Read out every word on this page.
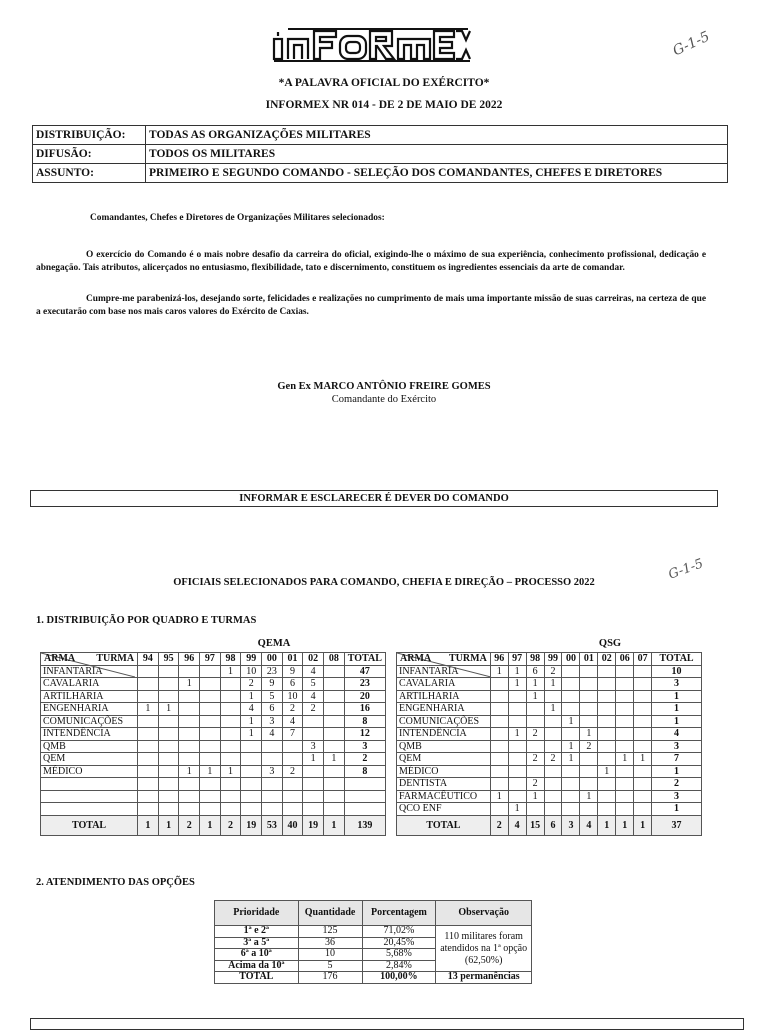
G-1-5
*A PALAVRA OFICIAL DO EXÉRCITO*
INFORMEX NR 014 - DE 2 DE MAIO DE 2022
DISTRIBUIÇÃO:	TODAS AS ORGANIZAÇÕES MILITARES
DIFUSÃO:	TODOS OS MILITARES
ASSUNTO:	PRIMEIRO E SEGUNDO COMANDO - SELEÇÃO DOS COMANDANTES, CHEFES E DIRETORES
Comandantes, Chefes e Diretores de Organizações Militares selecionados:
O exercício do Comando é o mais nobre desafio da carreira do oficial, exigindo-lhe o máximo de sua experiência, conhecimento profissional, dedicação e abnegação. Tais atributos, alicerçados no entusiasmo, flexibilidade, tato e discernimento, constituem os ingredientes essenciais da arte de comandar.
Cumpre-me parabenizá-los, desejando sorte, felicidades e realizações no cumprimento de mais uma importante missão de suas carreiras, na certeza de que a executarão com base nos mais caros valores do Exército de Caxias.
Gen Ex MARCO ANTÔNIO FREIRE GOMES
Comandante do Exército
INFORMAR E ESCLARECER É DEVER DO COMANDO
OFICIAIS SELECIONADOS PARA COMANDO, CHEFIA E DIREÇÃO – PROCESSO 2022	G-1-5
1. DISTRIBUIÇÃO POR QUADRO E TURMAS
QEMA	QSG
TURMA
ARMA	94	95	96	97	98	99	00	01	02	08	TOTAL
INFANTARIA					1	10	23	9	4		47
CAVALARIA			1			2	9	6	5		23
ARTILHARIA						1	5	10	4		20
ENGENHARIA	1	1				4	6	2	2		16
COMUNICAÇÕES						1	3	4			8
INTENDÊNCIA						1	4	7			12
QMB									3		3
QEM									1	1	2
MÉDICO			1	1	1		3	2			8

TOTAL	1	1	2	1	2	19	53	40	19	1	139
TURMA
ARMA	96	97	98	99	00	01	02	06	07	TOTAL
INFANTARIA	1	1	6	2						10
CAVALARIA		1	1	1						3
ARTILHARIA			1							1
ENGENHARIA				1						1
COMUNICAÇÕES					1					1
INTENDÊNCIA		1	2			1				4
QMB					1	2				3
QEM			2	2	1			1	1	7
MÉDICO							1			1
DENTISTA			2							2
FARMACÊUTICO	1		1			1				3
QCO ENF		1								1
TOTAL	2	4	15	6	3	4	1	1	1	37
2. ATENDIMENTO DAS OPÇÕES
Prioridade	Quantidade	Porcentagem	Observação
1ª e 2ª	125	71,02%	110 militares foram atendidos na 1ª opção (62,50%)
3ª a 5ª	36	20,45%	
6ª a 10ª	10	5,68%	
Acima da 10ª	5	2,84%	
TOTAL	176	100,00%	13 permanências
